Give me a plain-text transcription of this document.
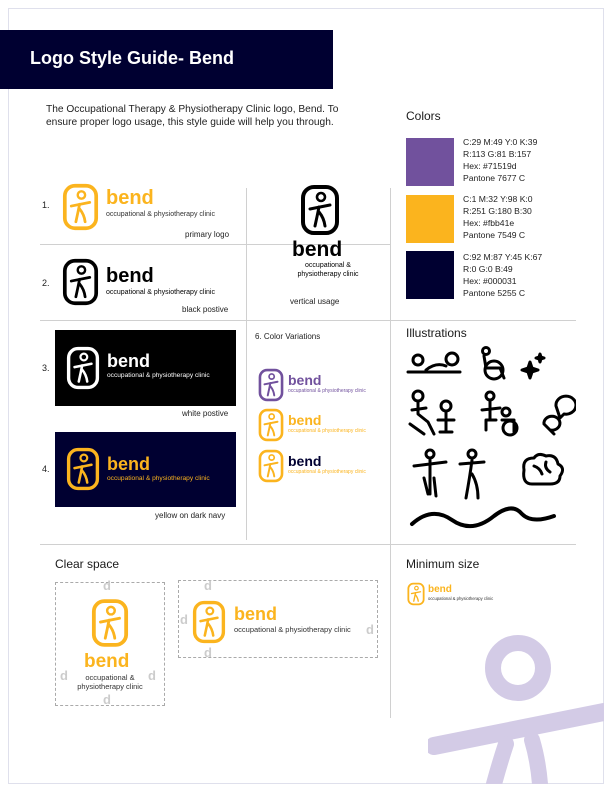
Logo Style Guide- Bend
The Occupational Therapy & Physiotherapy Clinic logo, Bend. To ensure proper logo usage, this style guide will help you through.
1.	bend
occupational & physiotherapy clinic
primary logo
2.	bend
occupational & physiotherapy clinic
black postive
bend
occupational &
physiotherapy clinic
vertical usage
3.	bend
occupational & physiotherapy clinic
white postive
4.	bend
occupational & physiotherapy clinic
yellow on dark navy
6. Color Variations
bend
occupational & physiotherapy clinic
bend
occupational & physiotherapy clinic
bend
occupational & physiotherapy clinic
Colors
C:29 M:49 Y:0 K:39
R:113 G:81 B:157
Hex: #71519d
Pantone 7677 C
C:1 M:32 Y:98 K:0
R:251 G:180 B:30
Hex: #fbb41e
Pantone 7549 C
C:92 M:87 Y:45 K:67
R:0 G:0 B:49
Hex: #000031
Pantone 5255 C
Illustrations
Clear space
d
d
d
d
bend
occupational &
physiotherapy clinic
d
d
d
d
bend
occupational & physiotherapy clinic
Minimum size
bend
occupational & physiotherapy clinic
